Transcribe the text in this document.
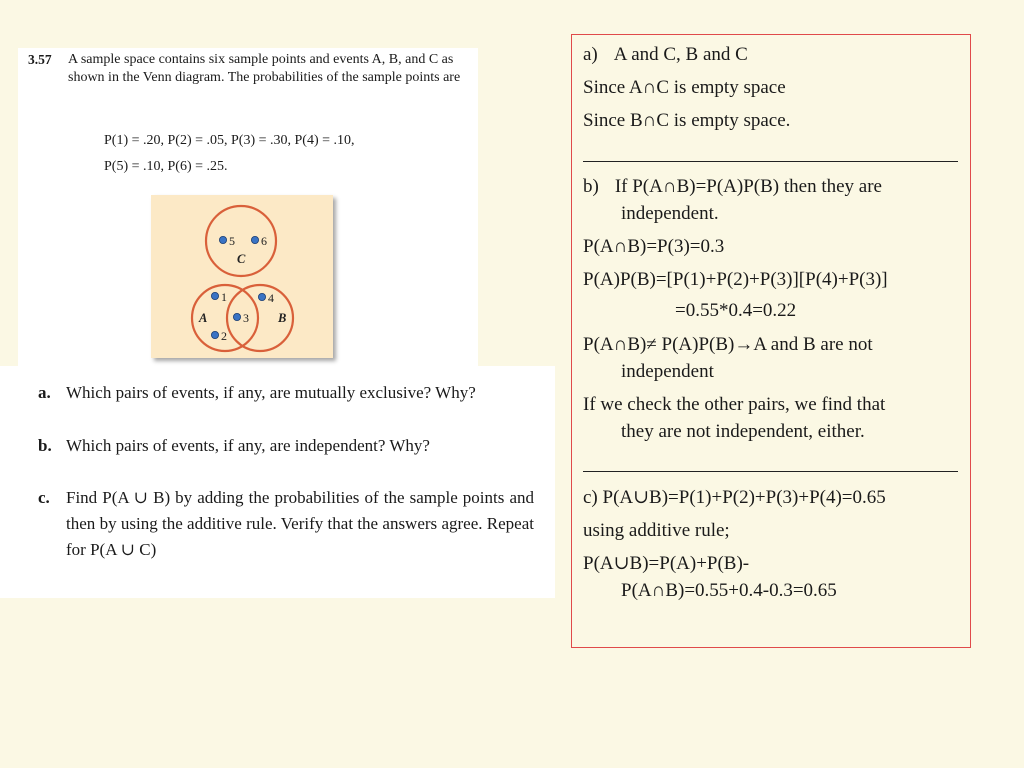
3.57 A sample space contains six sample points and events A, B, and C as shown in the Venn diagram. The probabilities of the sample points are
P(1) = .20, P(2) = .05, P(3) = .30, P(4) = .10,
P(5) = .10, P(6) = .25.
5 6
1	4
3
2
C
A	B
a. Which pairs of events, if any, are mutually exclusive? Why?
b. Which pairs of events, if any, are independent? Why?
c. Find P(A ∪ B) by adding the probabilities of the sample points and then by using the additive rule. Verify that the answers agree. Repeat for P(A ∪ C)
a) A and C, B and C
Since A∩C is empty space
Since B∩C is empty space.
b) If P(A∩B)=P(A)P(B) then they are
independent.
P(A∩B)=P(3)=0.3
P(A)P(B)=[P(1)+P(2)+P(3)][P(4)+P(3)]
=0.55*0.4=0.22
P(A∩B)≠ P(A)P(B)→A and B are not
independent
If we check the other pairs, we find that
they are not independent, either.
c) P(A∪B)=P(1)+P(2)+P(3)+P(4)=0.65
using additive rule;
P(A∪B)=P(A)+P(B)-
P(A∩B)=0.55+0.4-0.3=0.65
